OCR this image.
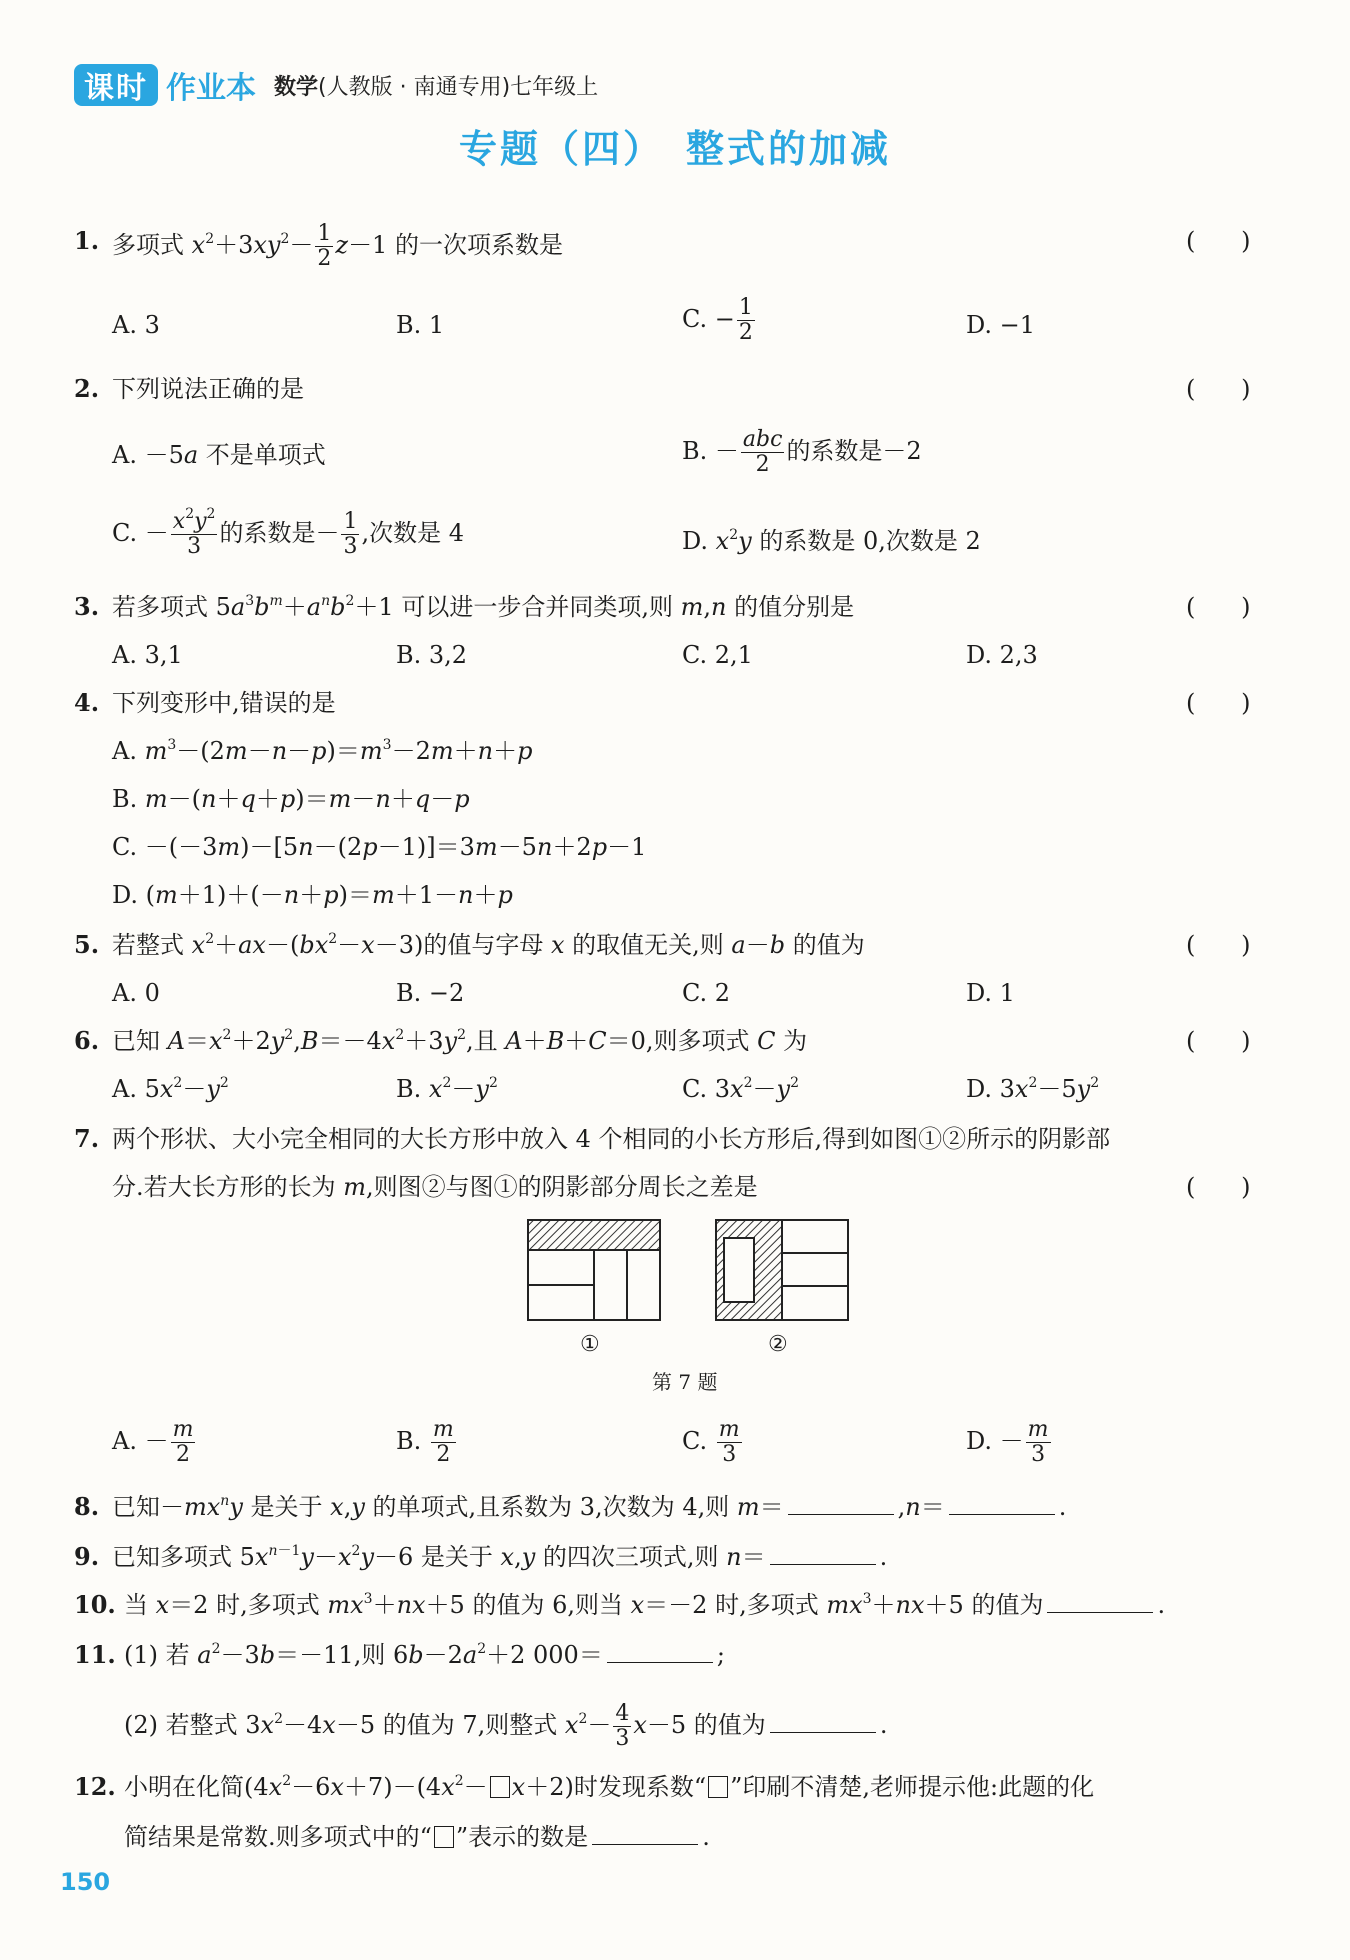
课时 作业本 数学(人教版 · 南通专用)七年级上
专题（四）　整式的加减
1. 多项式 $x^2+3xy^2- \frac{1}{2} z-1$ 的一次项系数是	(      )
A. 3	B. 1	C. − $\frac{1}{2}$	D. −1
2. 下列说法正确的是	(      )
A. －5a 不是单项式	B. － $\frac{\text{abc}}{2}$ 的系数是－2
C. － $\frac{x^2y^2}{3}$ 的系数是－ $\frac{1}{3}$ ,次数是 4	D. $x^2y$ 的系数是 0,次数是 2
3. 若多项式 $5a^3b^m+a^nb^2+1$ 可以进一步合并同类项,则 m,n 的值分别是	(      )
A. 3,1	B. 3,2	C. 2,1	D. 2,3
4. 下列变形中,错误的是	(      )
A. $m^3-(2m-n-p)=m^3-2m+n+p$
B. m－(n＋q＋p)＝m－n＋q－p
C. －(－3m)－[5n－(2p－1)]＝3m－5n＋2p－1
D. (m＋1)＋(－n＋p)＝m＋1－n＋p
5. 若整式 $x^2+ax-(bx^2-x-3)$的值与字母 x 的取值无关,则 a－b 的值为	(      )
A. 0	B. −2	C. 2	D. 1
6. 已知 $A=x^2+2y^2,B=-4x^2+3y^2$,且 A＋B＋C＝0,则多项式 C 为	(      )
A. $5x^2-y^2$	B. $x^2-y^2$	C. $3x^2-y^2$	D. $3x^2-5y^2$
7. 两个形状、大小完全相同的大长方形中放入 4 个相同的小长方形后,得到如图①②所示的阴影部
分.若大长方形的长为 m,则图②与图①的阴影部分周长之差是	(      )
①	②
第 7 题
A. － $\frac{m}{2}$	B. $\frac{m}{2}$	C. $\frac{m}{3}$	D. － $\frac{m}{3}$
8. 已知$-mx^ny$ 是关于 x,y 的单项式,且系数为 3,次数为 4,则 m＝	,n＝	.
9. 已知多项式 $5x^{n-1}y-x^2y-6$ 是关于 x,y 的四次三项式,则 n＝	.
10. 当 x＝2 时,多项式 $mx^3+nx+5$ 的值为 6,则当 x＝－2 时,多项式 $mx^3+nx+5$ 的值为	.
11. (1) 若 $a^2-3b=-11$,则 $6b-2a^2+2$ 000＝	;
(2) 若整式 $3x^2-4x-5$ 的值为 7,则整式 $x^2- \frac{4}{3} x-5$ 的值为	.
12. 小明在化简$(4x^2-6x+7)-(4x^2- x+2)$时发现系数“ ”印刷不清楚,老师提示他:此题的化
简结果是常数.则多项式中的“ ”表示的数是	.
150
